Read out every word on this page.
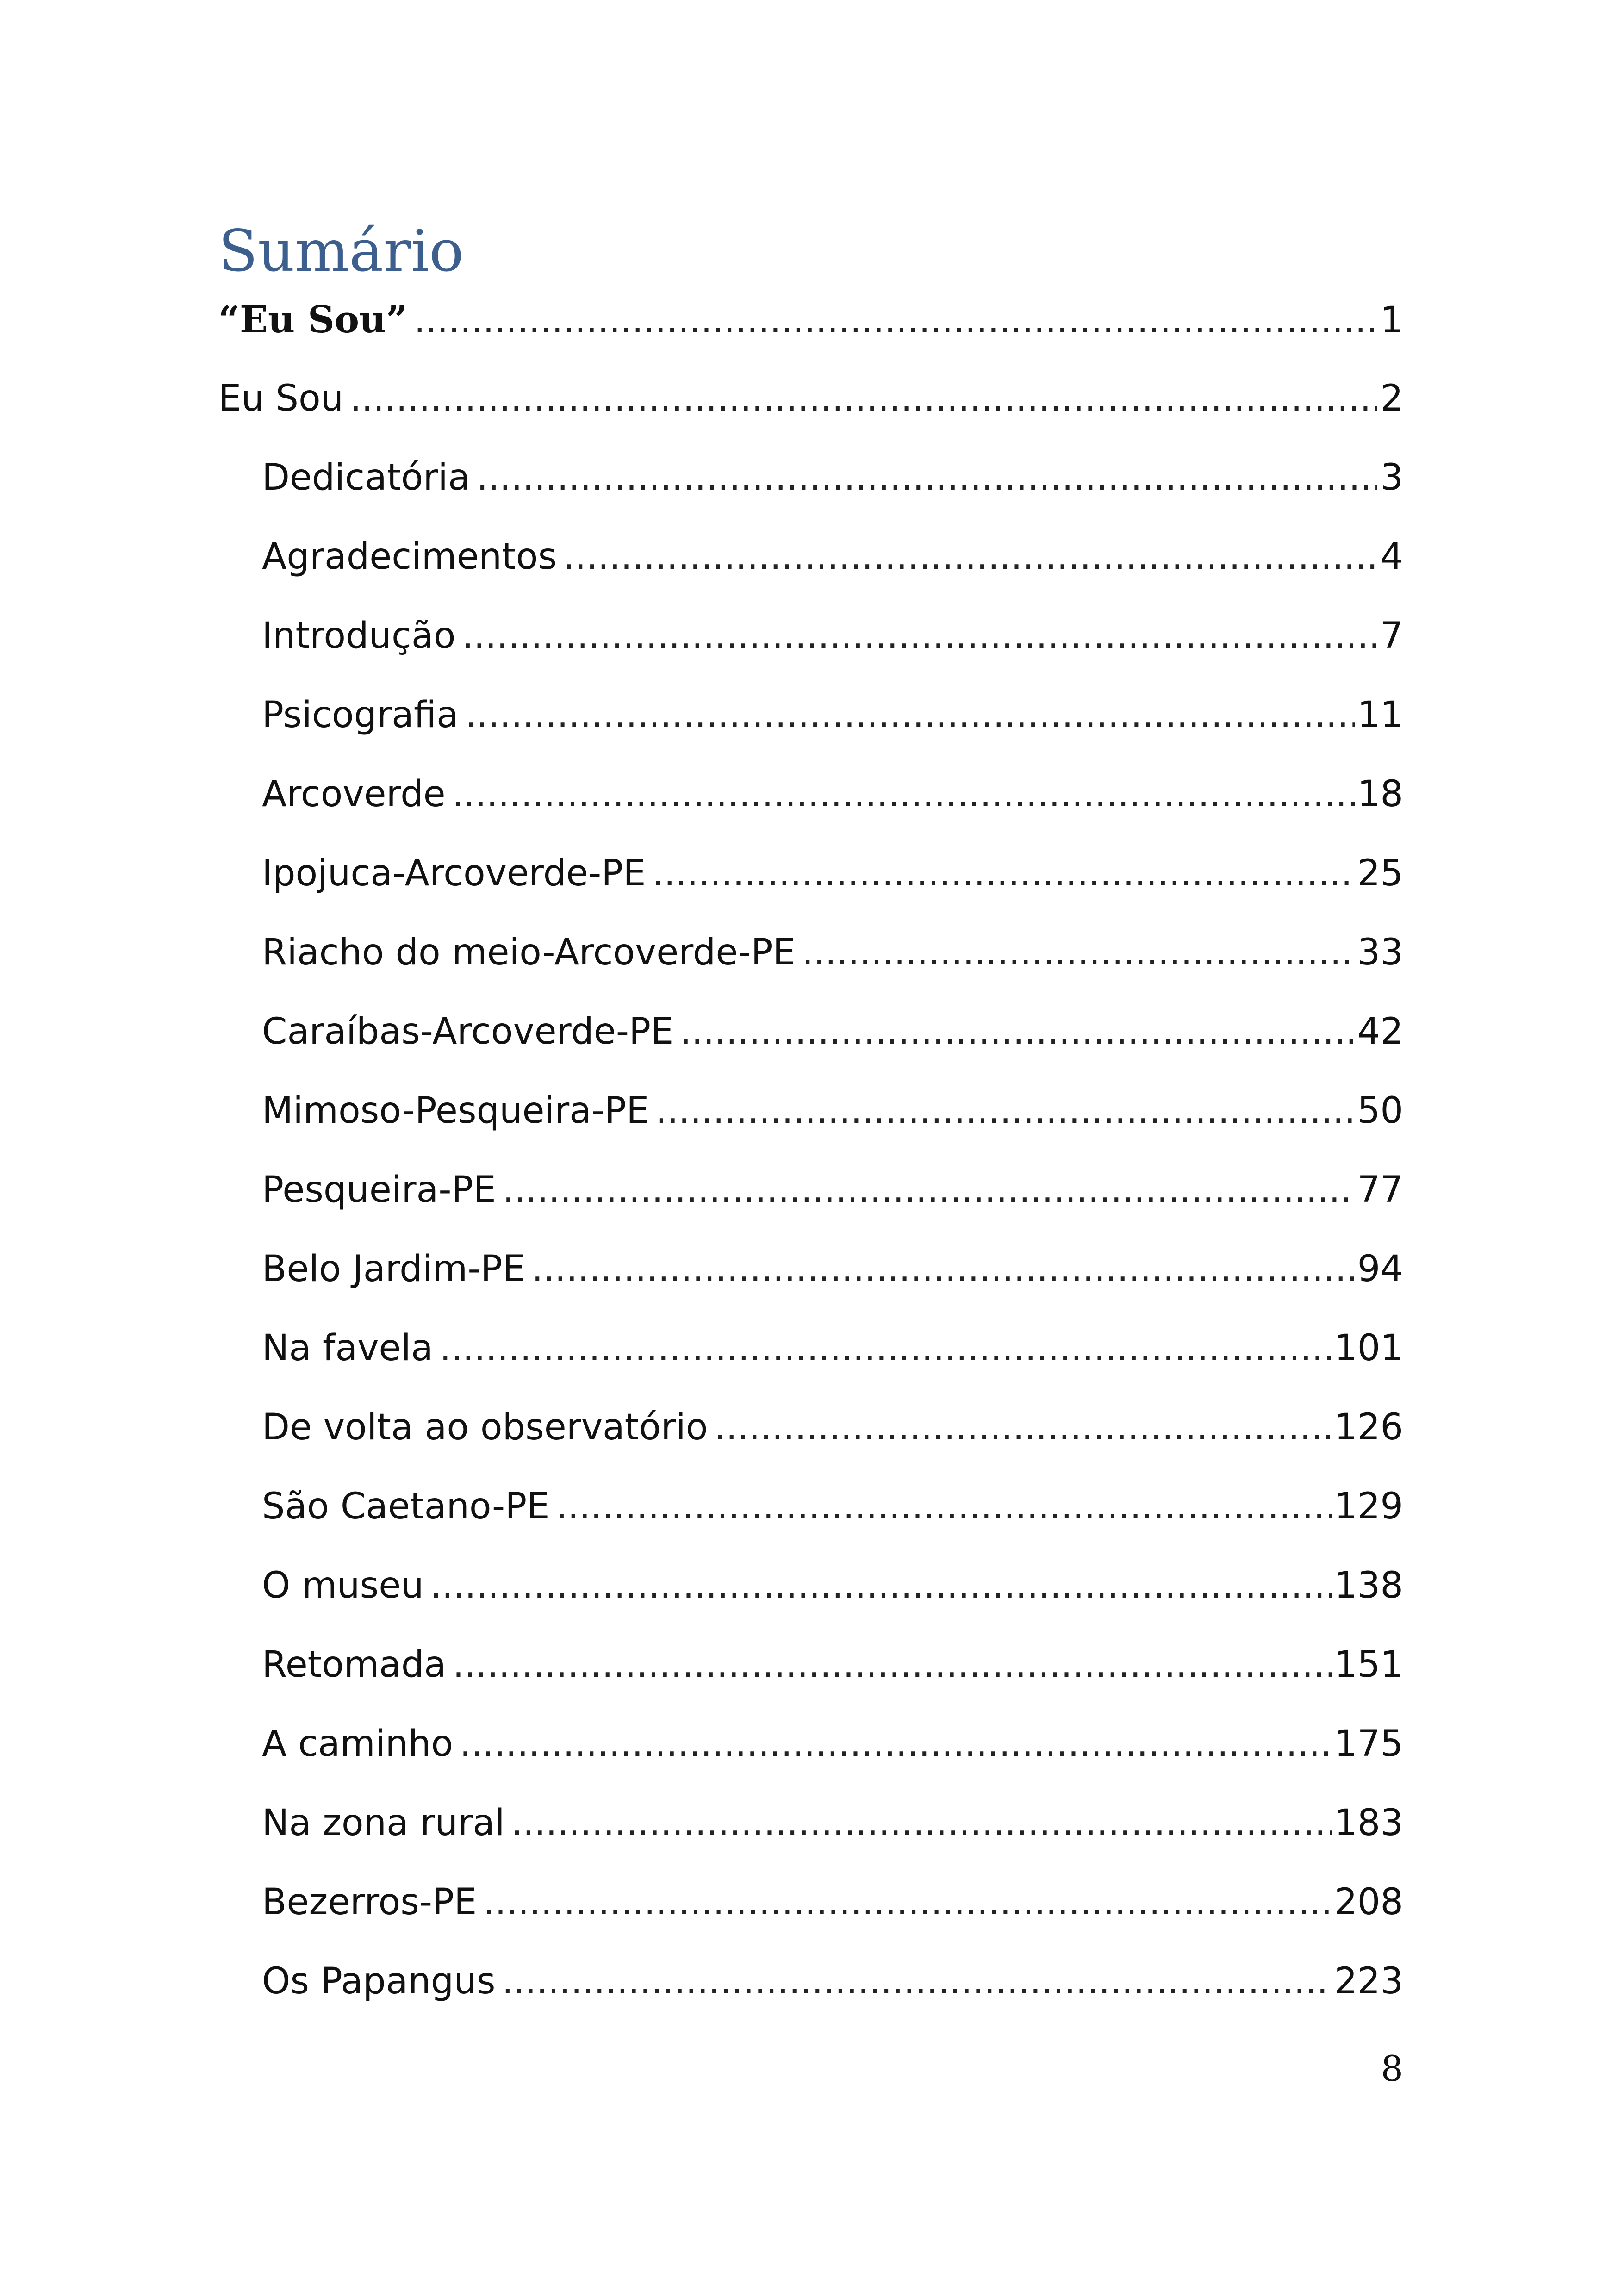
Sumário
“Eu Sou” .....	1
Eu Sou .....	2
Dedicatória .....	3
Agradecimentos .....	4
Introdução .....	7
Psicografia .....	11
Arcoverde .....	18
Ipojuca-Arcoverde-PE .....	25
Riacho do meio-Arcoverde-PE .....	33
Caraíbas-Arcoverde-PE .....	42
Mimoso-Pesqueira-PE .....	50
Pesqueira-PE .....	77
Belo Jardim-PE .....	94
Na favela .....	101
De volta ao observatório .....	126
São Caetano-PE .....	129
O museu .....	138
Retomada .....	151
A caminho .....	175
Na zona rural .....	183
Bezerros-PE .....	208
Os Papangus .....	223
8
